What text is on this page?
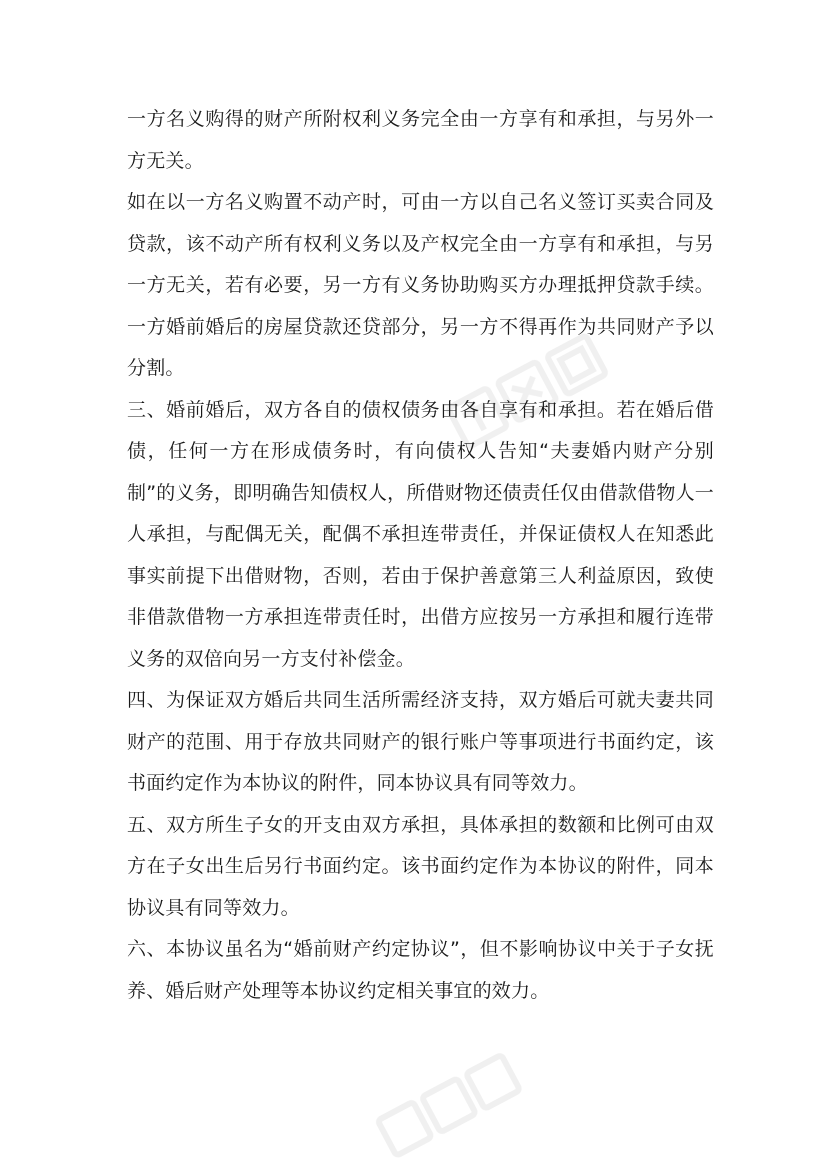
一方名义购得的财产所附权利义务完全由一方享有和承担，与另外一方无关。

如在以一方名义购置不动产时，可由一方以自己名义签订买卖合同及贷款，该不动产所有权利义务以及产权完全由一方享有和承担，与另一方无关，若有必要，另一方有义务协助购买方办理抵押贷款手续。一方婚前婚后的房屋贷款还贷部分，另一方不得再作为共同财产予以分割。

三、婚前婚后，双方各自的债权债务由各自享有和承担。若在婚后借债，任何一方在形成债务时，有向债权人告知“夫妻婚内财产分别制”的义务，即明确告知债权人，所借财物还债责任仅由借款借物人一人承担，与配偶无关，配偶不承担连带责任，并保证债权人在知悉此事实前提下出借财物，否则，若由于保护善意第三人利益原因，致使非借款借物一方承担连带责任时，出借方应按另一方承担和履行连带义务的双倍向另一方支付补偿金。

四、为保证双方婚后共同生活所需经济支持，双方婚后可就夫妻共同财产的范围、用于存放共同财产的银行账户等事项进行书面约定，该书面约定作为本协议的附件，同本协议具有同等效力。

五、双方所生子女的开支由双方承担，具体承担的数额和比例可由双方在子女出生后另行书面约定。该书面约定作为本协议的附件，同本协议具有同等效力。

六、本协议虽名为“婚前财产约定协议”，但不影响协议中关于子女抚养、婚后财产处理等本协议约定相关事宜的效力。
